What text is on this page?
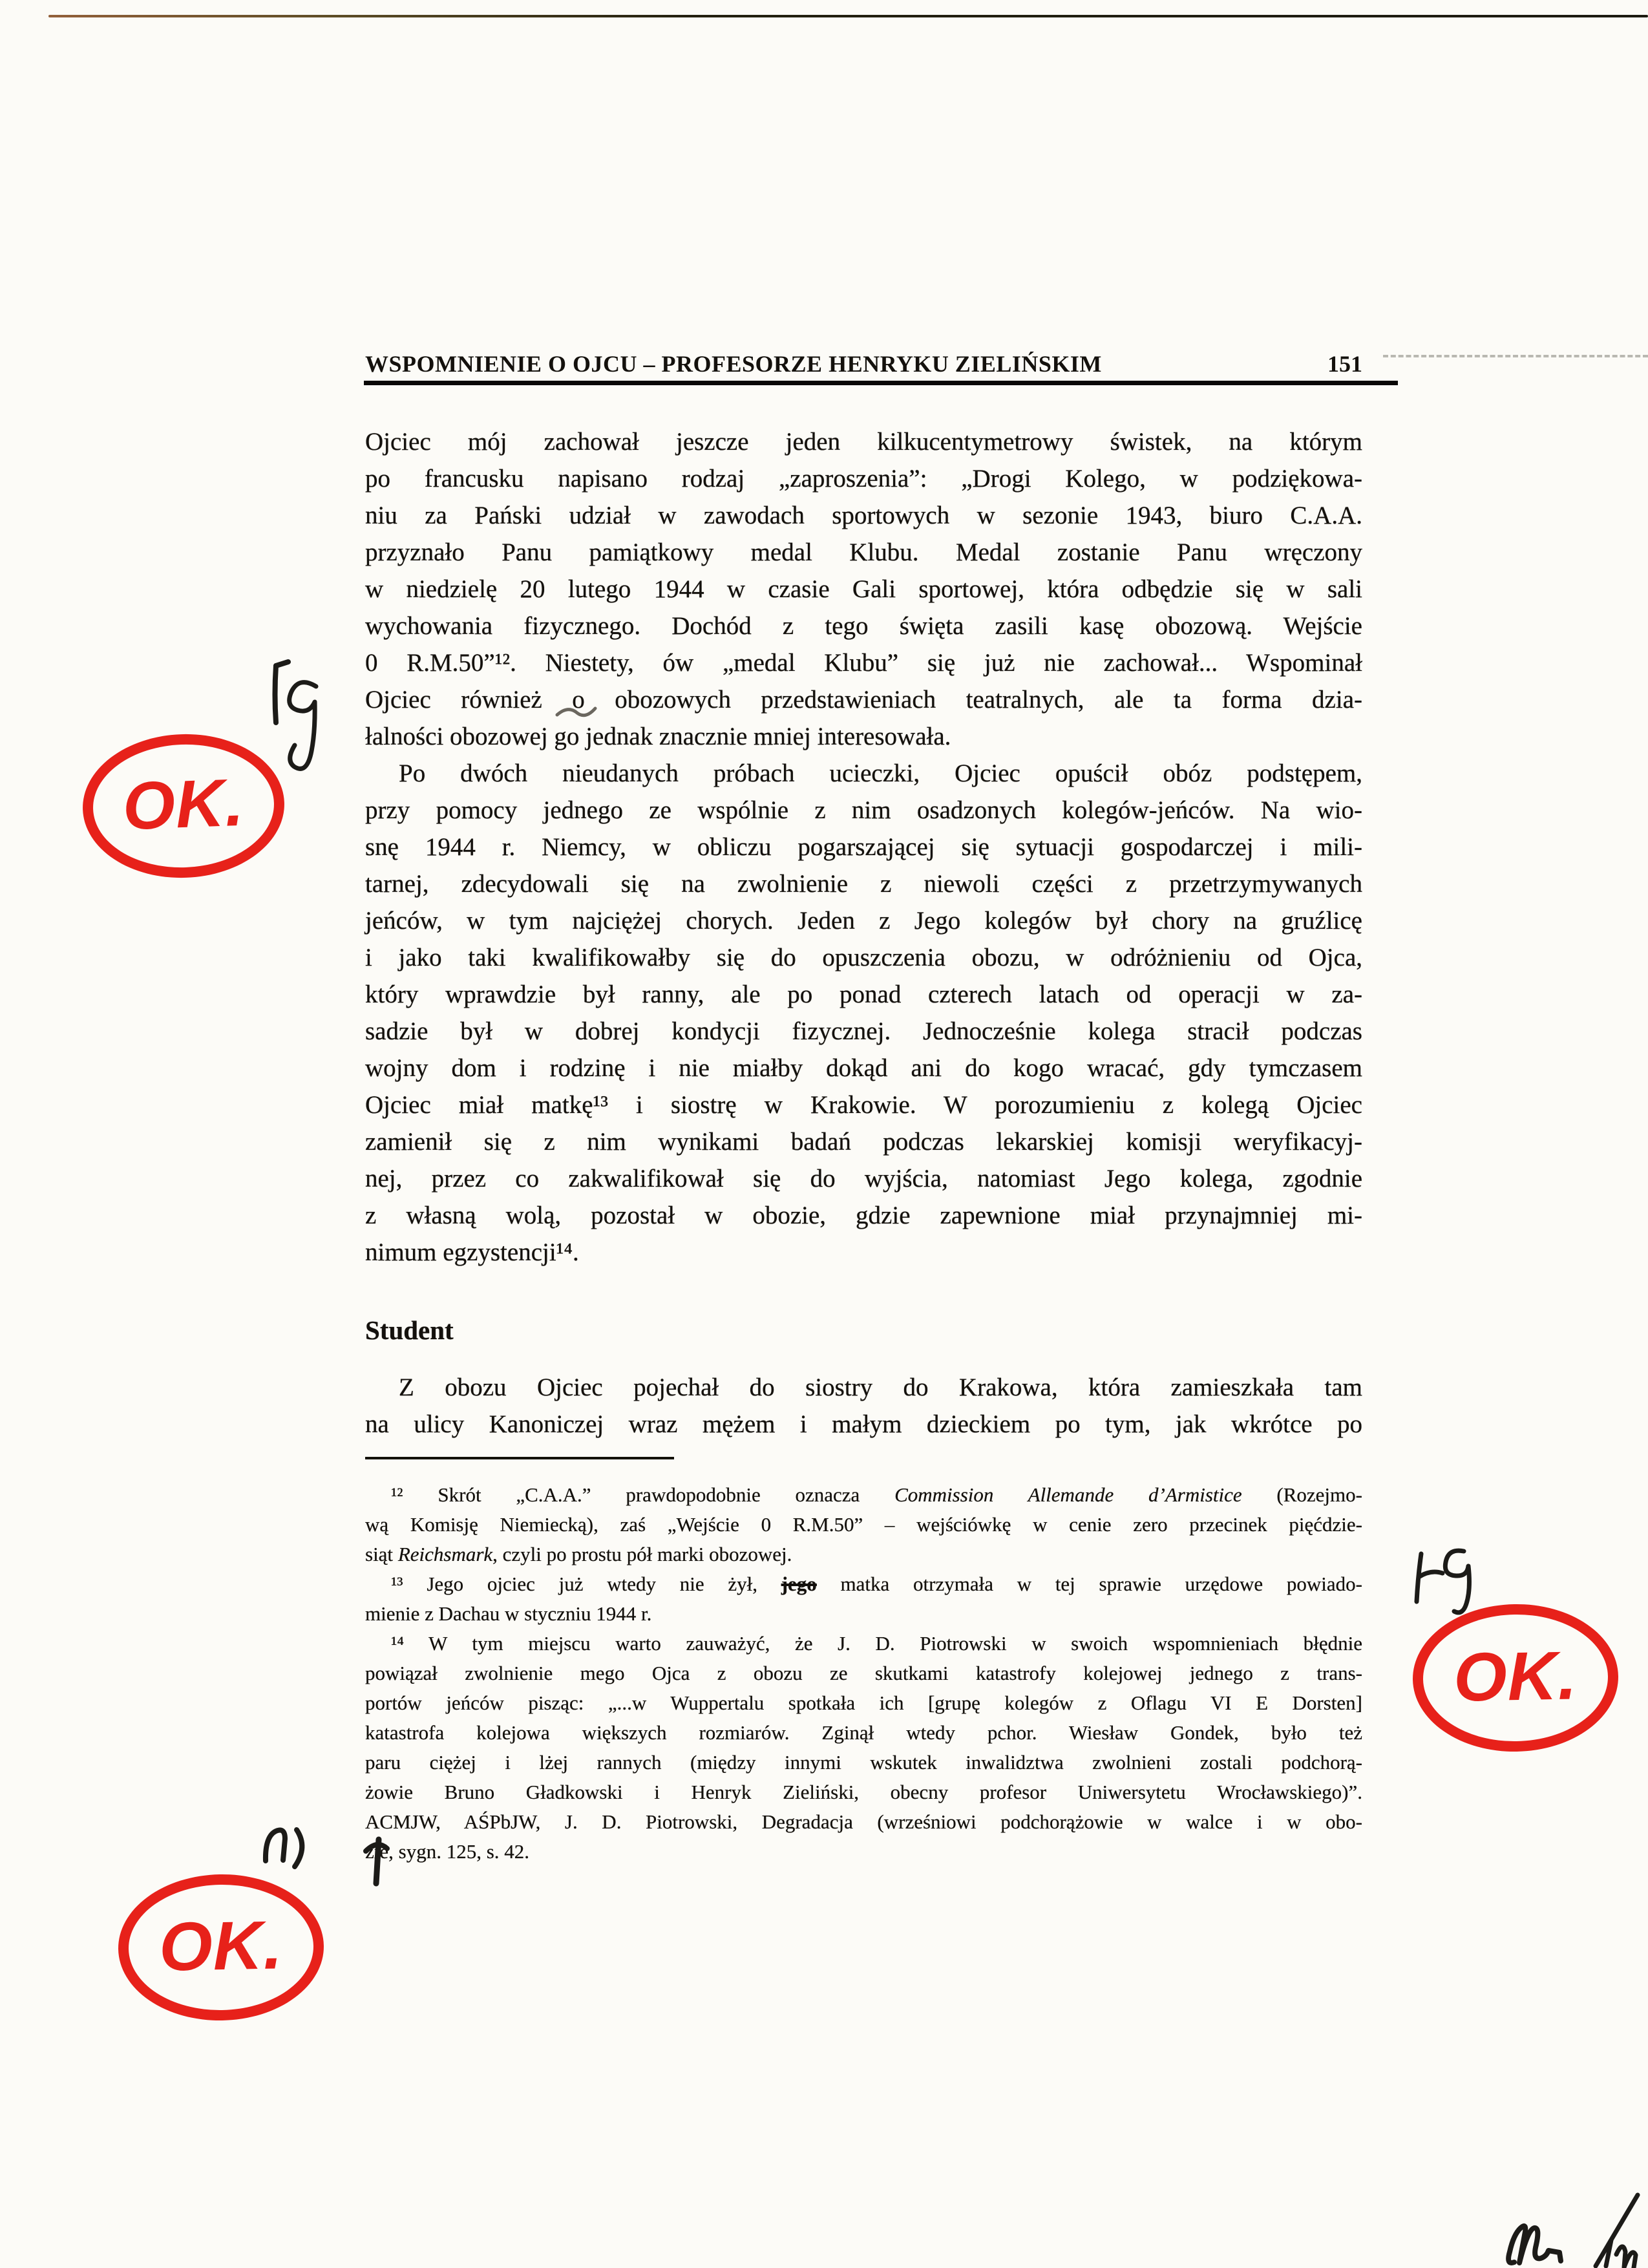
WSPOMNIENIE O OJCU – PROFESORZE HENRYKU ZIELIŃSKIM	151
Ojciec mój zachował jeszcze jeden kilkucentymetrowy świstek, na którym
po francusku napisano rodzaj „zaproszenia”: „Drogi Kolego, w podziękowa-
niu za Pański udział w zawodach sportowych w sezonie 1943, biuro C.A.A.
przyznało Panu pamiątkowy medal Klubu. Medal zostanie Panu wręczony
w niedzielę 20 lutego 1944 w czasie Gali sportowej, która odbędzie się w sali
wychowania fizycznego. Dochód z tego święta zasili kasę obozową. Wejście
0 R.M.50”¹². Niestety, ów „medal Klubu” się już nie zachował... Wspominał
Ojciec również o obozowych przedstawieniach teatralnych, ale ta forma dzia-
łalności obozowej go jednak znacznie mniej interesowała.
Po dwóch nieudanych próbach ucieczki, Ojciec opuścił obóz podstępem,
przy pomocy jednego ze wspólnie z nim osadzonych kolegów-jeńców. Na wio-
snę 1944 r. Niemcy, w obliczu pogarszającej się sytuacji gospodarczej i mili-
tarnej, zdecydowali się na zwolnienie z niewoli części z przetrzymywanych
jeńców, w tym najciężej chorych. Jeden z Jego kolegów był chory na gruźlicę
i jako taki kwalifikowałby się do opuszczenia obozu, w odróżnieniu od Ojca,
który wprawdzie był ranny, ale po ponad czterech latach od operacji w za-
sadzie był w dobrej kondycji fizycznej. Jednocześnie kolega stracił podczas
wojny dom i rodzinę i nie miałby dokąd ani do kogo wracać, gdy tymczasem
Ojciec miał matkę¹³ i siostrę w Krakowie. W porozumieniu z kolegą Ojciec
zamienił się z nim wynikami badań podczas lekarskiej komisji weryfikacyj-
nej, przez co zakwalifikował się do wyjścia, natomiast Jego kolega, zgodnie
z własną wolą, pozostał w obozie, gdzie zapewnione miał przynajmniej mi-
nimum egzystencji¹⁴.
Student
Z obozu Ojciec pojechał do siostry do Krakowa, która zamieszkała tam
na ulicy Kanoniczej wraz mężem i małym dzieckiem po tym, jak wkrótce po
¹² Skrót „C.A.A.” prawdopodobnie oznacza Commission Allemande d’Armistice (Rozejmo-
wą Komisję Niemiecką), zaś „Wejście 0 R.M.50” – wejściówkę w cenie zero przecinek pięćdzie-
siąt Reichsmark, czyli po prostu pół marki obozowej.
¹³ Jego ojciec już wtedy nie żył, jego matka otrzymała w tej sprawie urzędowe powiado-
mienie z Dachau w styczniu 1944 r.
¹⁴ W tym miejscu warto zauważyć, że J. D. Piotrowski w swoich wspomnieniach błędnie
powiązał zwolnienie mego Ojca z obozu ze skutkami katastrofy kolejowej jednego z trans-
portów jeńców pisząc: „...w Wuppertalu spotkała ich [grupę kolegów z Oflagu VI E Dorsten]
katastrofa kolejowa większych rozmiarów. Zginął wtedy pchor. Wiesław Gondek, było też
paru ciężej i lżej rannych (między innymi wskutek inwalidztwa zwolnieni zostali podchorą-
żowie Bruno Gładkowski i Henryk Zieliński, obecny profesor Uniwersytetu Wrocławskiego)”.
ACMJW, AŚPbJW, J. D. Piotrowski, Degradacja (wrześniowi podchorążowie w walce i w obo-
zie, sygn. 125, s. 42.
OK.
OK.
OK.
